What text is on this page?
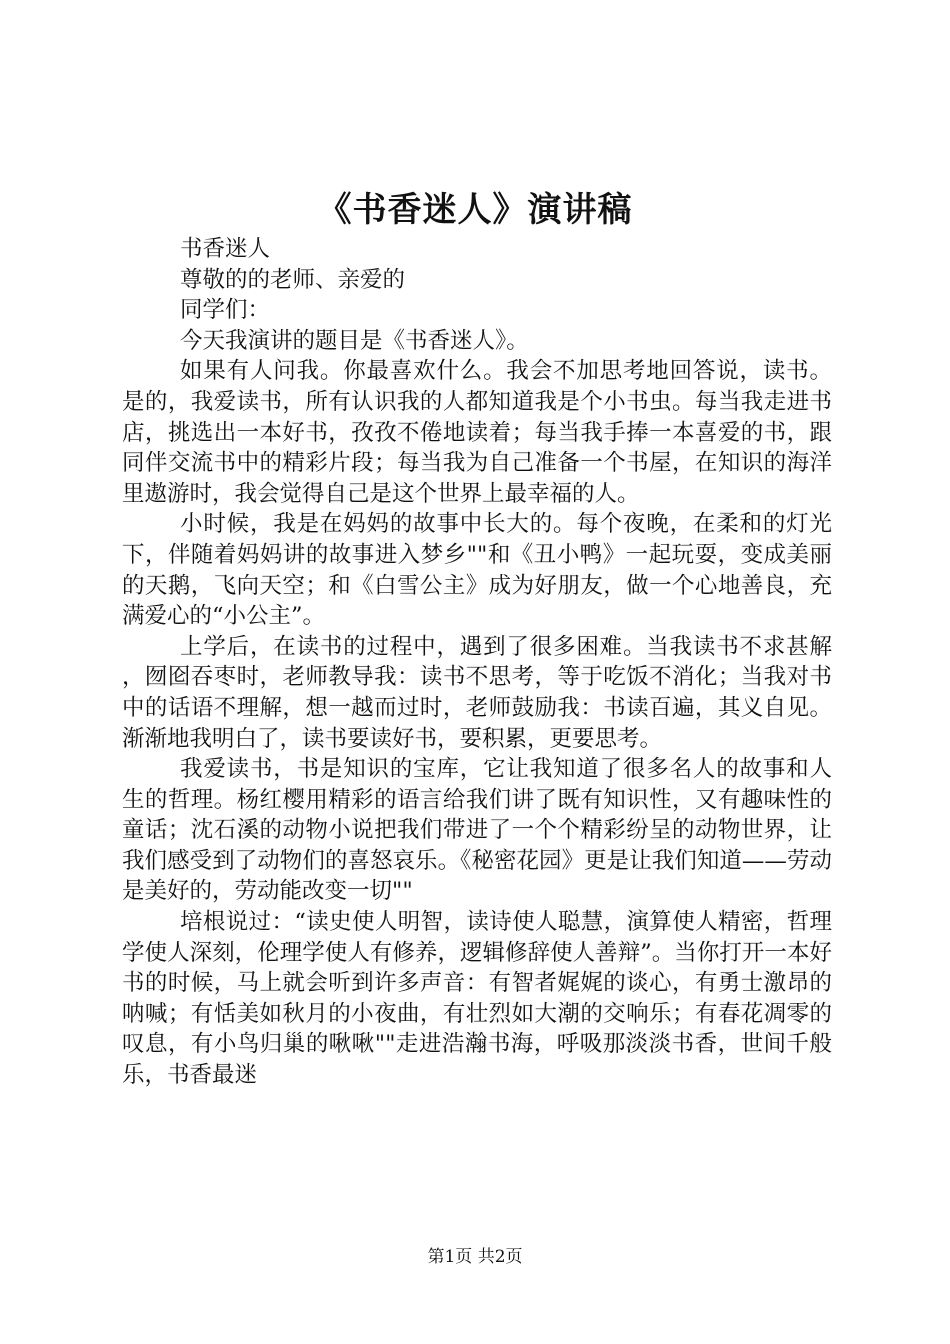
《书香迷人》演讲稿

书香迷人

尊敬的的老师、亲爱的

同学们：

今天我演讲的题目是《书香迷人》。

如果有人问我。你最喜欢什么。我会不加思考地回答说，读书。是的，我爱读书，所有认识我的人都知道我是个小书虫。每当我走进书店，挑选出一本好书，孜孜不倦地读着；每当我手捧一本喜爱的书，跟同伴交流书中的精彩片段；每当我为自己准备一个书屋，在知识的海洋里遨游时，我会觉得自己是这个世界上最幸福的人。

小时候，我是在妈妈的故事中长大的。每个夜晚，在柔和的灯光下，伴随着妈妈讲的故事进入梦乡""和《丑小鸭》一起玩耍，变成美丽的天鹅，飞向天空；和《白雪公主》成为好朋友，做一个心地善良，充满爱心的“小公主”。

上学后，在读书的过程中，遇到了很多困难。当我读书不求甚解，囫囵吞枣时，老师教导我：读书不思考，等于吃饭不消化；当我对书中的话语不理解，想一越而过时，老师鼓励我：书读百遍，其义自见。渐渐地我明白了，读书要读好书，要积累，更要思考。

我爱读书，书是知识的宝库，它让我知道了很多名人的故事和人生的哲理。杨红樱用精彩的语言给我们讲了既有知识性，又有趣味性的童话；沈石溪的动物小说把我们带进了一个个精彩纷呈的动物世界，让我们感受到了动物们的喜怒哀乐。《秘密花园》更是让我们知道——劳动是美好的，劳动能改变一切""

培根说过：“读史使人明智，读诗使人聪慧，演算使人精密，哲理学使人深刻，伦理学使人有修养，逻辑修辞使人善辩”。当你打开一本好书的时候，马上就会听到许多声音：有智者娓娓的谈心，有勇士激昂的呐喊；有恬美如秋月的小夜曲，有壮烈如大潮的交响乐；有春花凋零的叹息，有小鸟归巢的啾啾""走进浩瀚书海，呼吸那淡淡书香，世间千般乐，书香最迷

第1页 共2页
